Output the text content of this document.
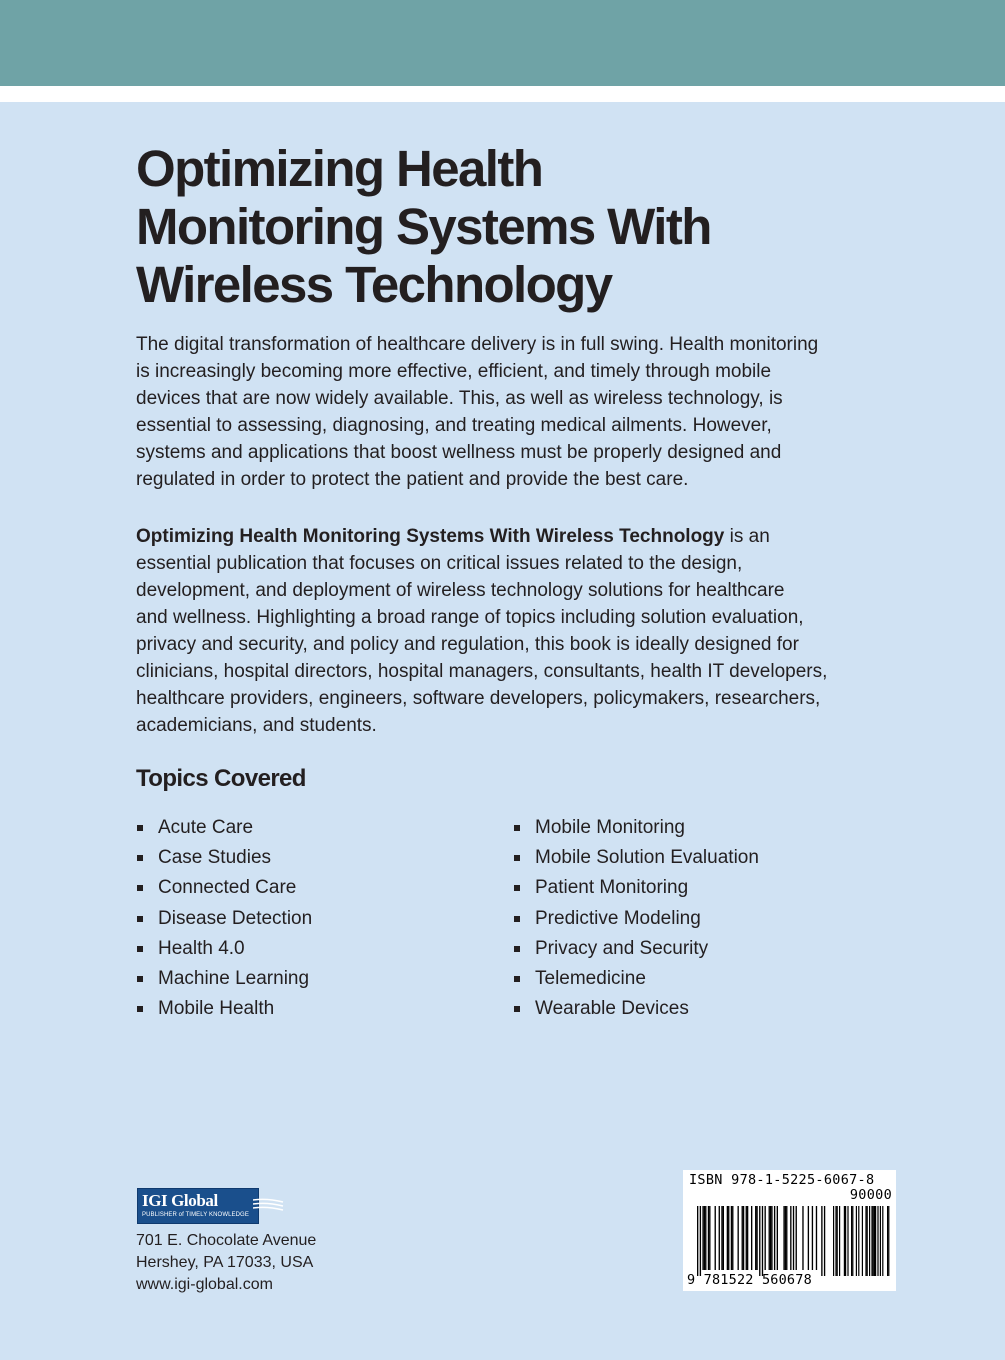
Optimizing Health
Monitoring Systems With
Wireless Technology

The digital transformation of healthcare delivery is in full swing. Health monitoring
is increasingly becoming more effective, efficient, and timely through mobile
devices that are now widely available. This, as well as wireless technology, is
essential to assessing, diagnosing, and treating medical ailments. However,
systems and applications that boost wellness must be properly designed and
regulated in order to protect the patient and provide the best care.

Optimizing Health Monitoring Systems With Wireless Technology is an
essential publication that focuses on critical issues related to the design,
development, and deployment of wireless technology solutions for healthcare
and wellness. Highlighting a broad range of topics including solution evaluation,
privacy and security, and policy and regulation, this book is ideally designed for
clinicians, hospital directors, hospital managers, consultants, health IT developers,
healthcare providers, engineers, software developers, policymakers, researchers,
academicians, and students.

Topics Covered
Acute Care
Case Studies
Connected Care
Disease Detection
Health 4.0
Machine Learning
Mobile Health
Mobile Monitoring
Mobile Solution Evaluation
Patient Monitoring
Predictive Modeling
Privacy and Security
Telemedicine
Wearable Devices
IGI Global
PUBLISHER of TIMELY KNOWLEDGE
701 E. Chocolate Avenue
Hershey, PA 17033, USA
www.igi-global.com
ISBN 978-1-5225-6067-8
90000
9 781522 560678
